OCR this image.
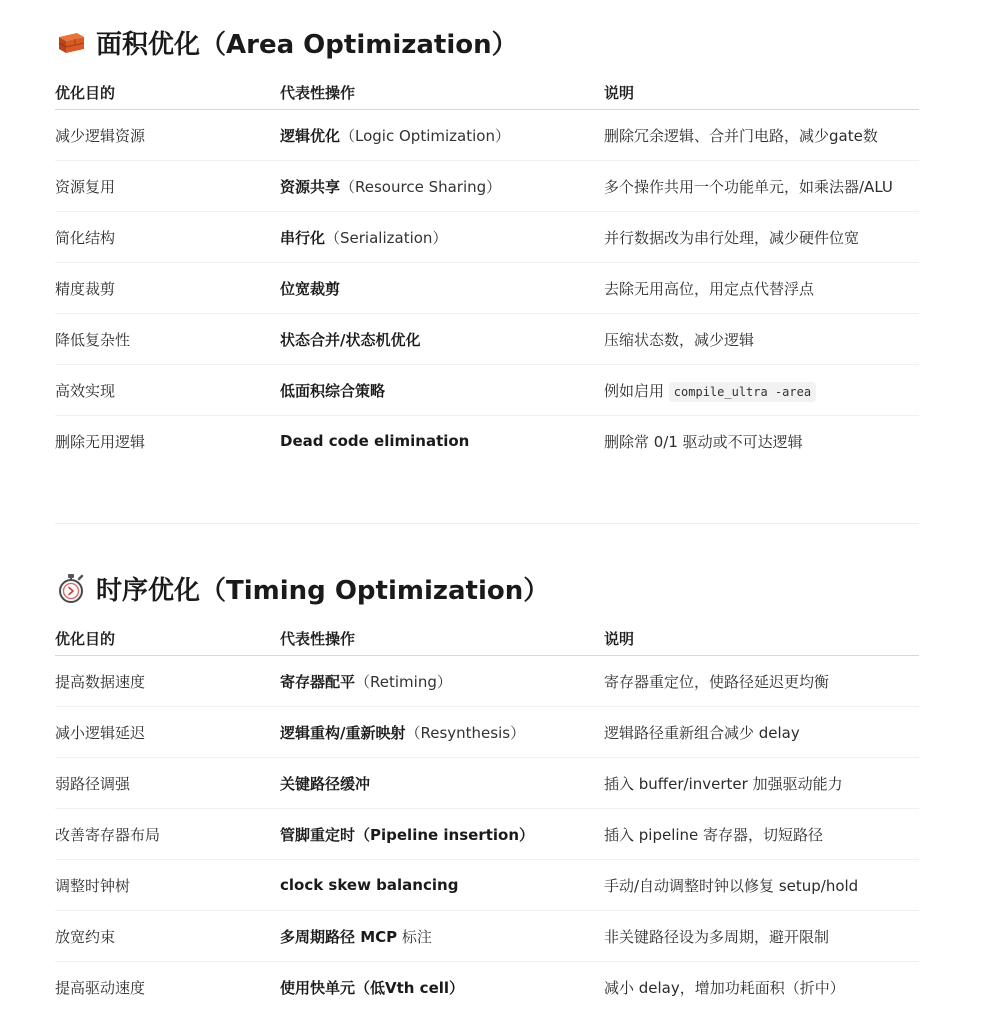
面积优化（Area Optimization）
优化目的	代表性操作	说明
减少逻辑资源	逻辑优化（Logic Optimization）	删除冗余逻辑、合并门电路，减少gate数
资源复用	资源共享（Resource Sharing）	多个操作共用一个功能单元，如乘法器/ALU
简化结构	串行化（Serialization）	并行数据改为串行处理，减少硬件位宽
精度裁剪	位宽裁剪	去除无用高位，用定点代替浮点
降低复杂性	状态合并/状态机优化	压缩状态数，减少逻辑
高效实现	低面积综合策略	例如启用 compile_ultra -area
删除无用逻辑	Dead code elimination	删除常 0/1 驱动或不可达逻辑
时序优化（Timing Optimization）
优化目的	代表性操作	说明
提高数据速度	寄存器配平（Retiming）	寄存器重定位，使路径延迟更均衡
减小逻辑延迟	逻辑重构/重新映射（Resynthesis）	逻辑路径重新组合减少 delay
弱路径调强	关键路径缓冲	插入 buffer/inverter 加强驱动能力
改善寄存器布局	管脚重定时（Pipeline insertion）	插入 pipeline 寄存器，切短路径
调整时钟树	clock skew balancing	手动/自动调整时钟以修复 setup/hold
放宽约束	多周期路径 MCP 标注	非关键路径设为多周期，避开限制
提高驱动速度	使用快单元（低Vth cell）	减小 delay，增加功耗面积（折中）
